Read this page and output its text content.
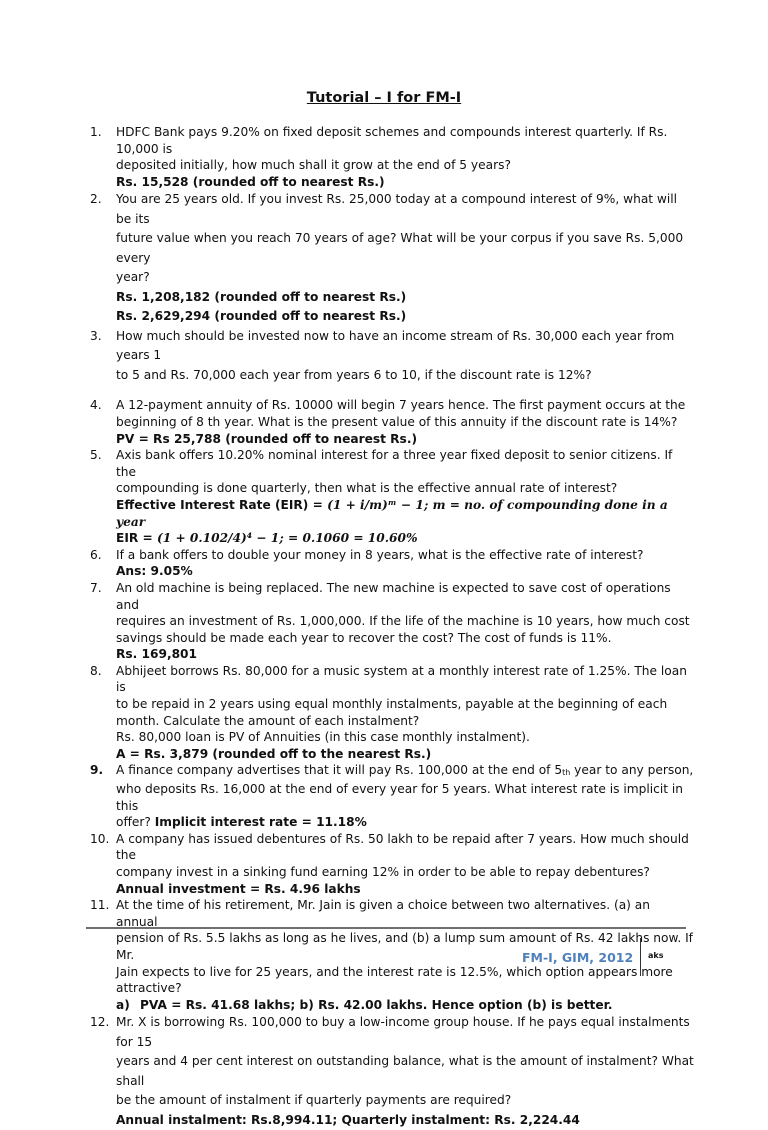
Tutorial – I for FM-I
1. HDFC Bank pays 9.20% on fixed deposit schemes and compounds interest quarterly. If Rs. 10,000 is
deposited initially, how much shall it grow at the end of 5 years?
Rs. 15,528 (rounded off to nearest Rs.)
2. You are 25 years old. If you invest Rs. 25,000 today at a compound interest of 9%, what will be its
future value when you reach 70 years of age? What will be your corpus if you save Rs. 5,000 every
year?
Rs. 1,208,182 (rounded off to nearest Rs.)
Rs. 2,629,294 (rounded off to nearest Rs.)
3. How much should be invested now to have an income stream of Rs. 30,000 each year from years 1
to 5 and Rs. 70,000 each year from years 6 to 10, if the discount rate is 12%?
4. A 12-payment annuity of Rs. 10000 will begin 7 years hence. The first payment occurs at the
beginning of 8 th year. What is the present value of this annuity if the discount rate is 14%?
PV = Rs 25,788 (rounded off to nearest Rs.)
5. Axis bank offers 10.20% nominal interest for a three year fixed deposit to senior citizens. If the
compounding is done quarterly, then what is the effective annual rate of interest?
Effective Interest Rate (EIR) = (1 + i/m)ᵐ − 1; m = no. of compounding done in a year
EIR = (1 + 0.102/4)⁴ − 1; = 0.1060 = 10.60%
6. If a bank offers to double your money in 8 years, what is the effective rate of interest?
Ans: 9.05%
7. An old machine is being replaced. The new machine is expected to save cost of operations and
requires an investment of Rs. 1,000,000. If the life of the machine is 10 years, how much cost
savings should be made each year to recover the cost? The cost of funds is 11%.
Rs. 169,801
8. Abhijeet borrows Rs. 80,000 for a music system at a monthly interest rate of 1.25%. The loan is
to be repaid in 2 years using equal monthly instalments, payable at the beginning of each
month. Calculate the amount of each instalment?
Rs. 80,000 loan is PV of Annuities (in this case monthly instalment).
A = Rs. 3,879 (rounded off to the nearest Rs.)
9. A finance company advertises that it will pay Rs. 100,000 at the end of $5_{th}$ year to any person,
who deposits Rs. 16,000 at the end of every year for 5 years. What interest rate is implicit in this
offer? Implicit interest rate = 11.18%
10. A company has issued debentures of Rs. 50 lakh to be repaid after 7 years. How much should the
company invest in a sinking fund earning 12% in order to be able to repay debentures?
Annual investment = Rs. 4.96 lakhs
11. At the time of his retirement, Mr. Jain is given a choice between two alternatives. (a) an annual
pension of Rs. 5.5 lakhs as long as he lives, and (b) a lump sum amount of Rs. 42 lakhs now. If Mr.
Jain expects to live for 25 years, and the interest rate is 12.5%, which option appears more
attractive?
a) PVA = Rs. 41.68 lakhs; b) Rs. 42.00 lakhs. Hence option (b) is better.
12. Mr. X is borrowing Rs. 100,000 to buy a low-income group house. If he pays equal instalments for 15
years and 4 per cent interest on outstanding balance, what is the amount of instalment? What shall
be the amount of instalment if quarterly payments are required?
Annual instalment: Rs.8,994.11; Quarterly instalment: Rs. 2,224.44
FM-I, GIM, 2012 aks
